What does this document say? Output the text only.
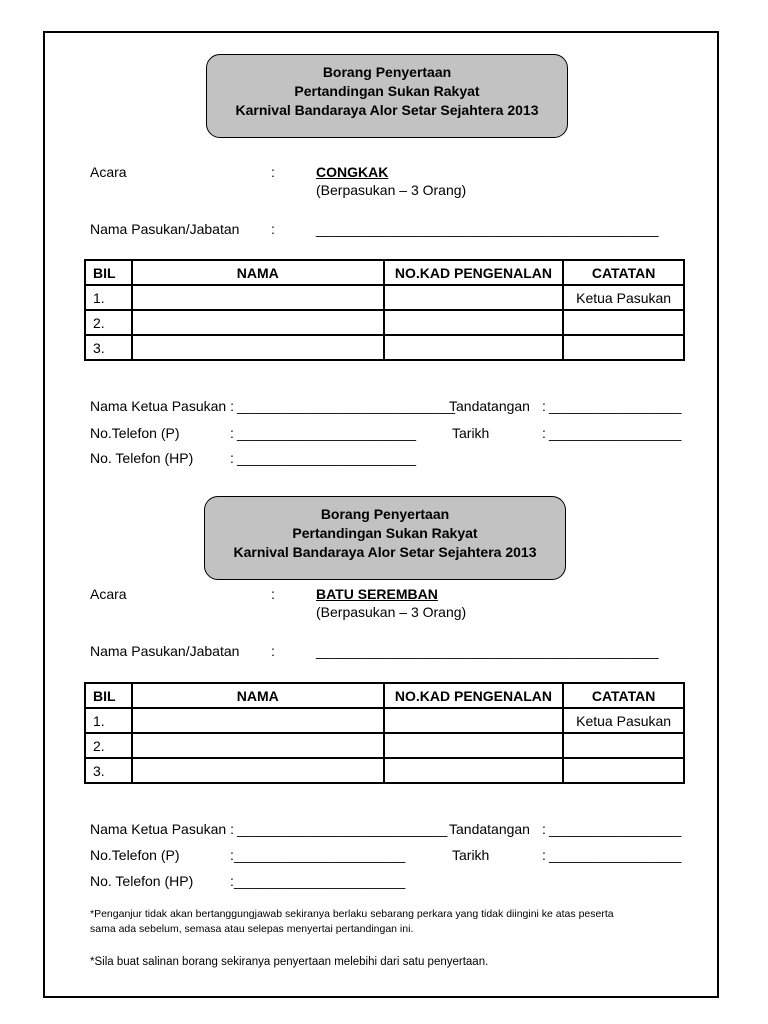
Borang Penyertaan
Pertandingan Sukan Rakyat
Karnival Bandaraya Alor Setar Sejahtera 2013
Acara	:	CONGKAK
(Berpasukan – 3 Orang)
Nama Pasukan/Jabatan :	____________________________________________
BIL	NAMA	NO.KAD PENGENALAN	CATATAN
1.			Ketua Pasukan
2.			
3.			
Nama Ketua Pasukan : ____________________________
No.Telefon (P)	: _______________________
No. Telefon (HP)	: _______________________
Tandatangan : _________________
Tarikh	: _________________
Borang Penyertaan
Pertandingan Sukan Rakyat
Karnival Bandaraya Alor Setar Sejahtera 2013
Acara	:	BATU SEREMBAN
(Berpasukan – 3 Orang)
Nama Pasukan/Jabatan :	____________________________________________
BIL	NAMA	NO.KAD PENGENALAN	CATATAN
1.			Ketua Pasukan
2.			
3.			
Nama Ketua Pasukan : ___________________________
No.Telefon (P)	: ______________________
No. Telefon (HP)	: ______________________
Tandatangan : _________________
Tarikh	: _________________
*Penganjur tidak akan bertanggungjawab sekiranya berlaku sebarang perkara yang tidak diingini ke atas peserta
sama ada sebelum, semasa atau selepas menyertai pertandingan ini.
*Sila buat salinan borang sekiranya penyertaan melebihi dari satu penyertaan.
